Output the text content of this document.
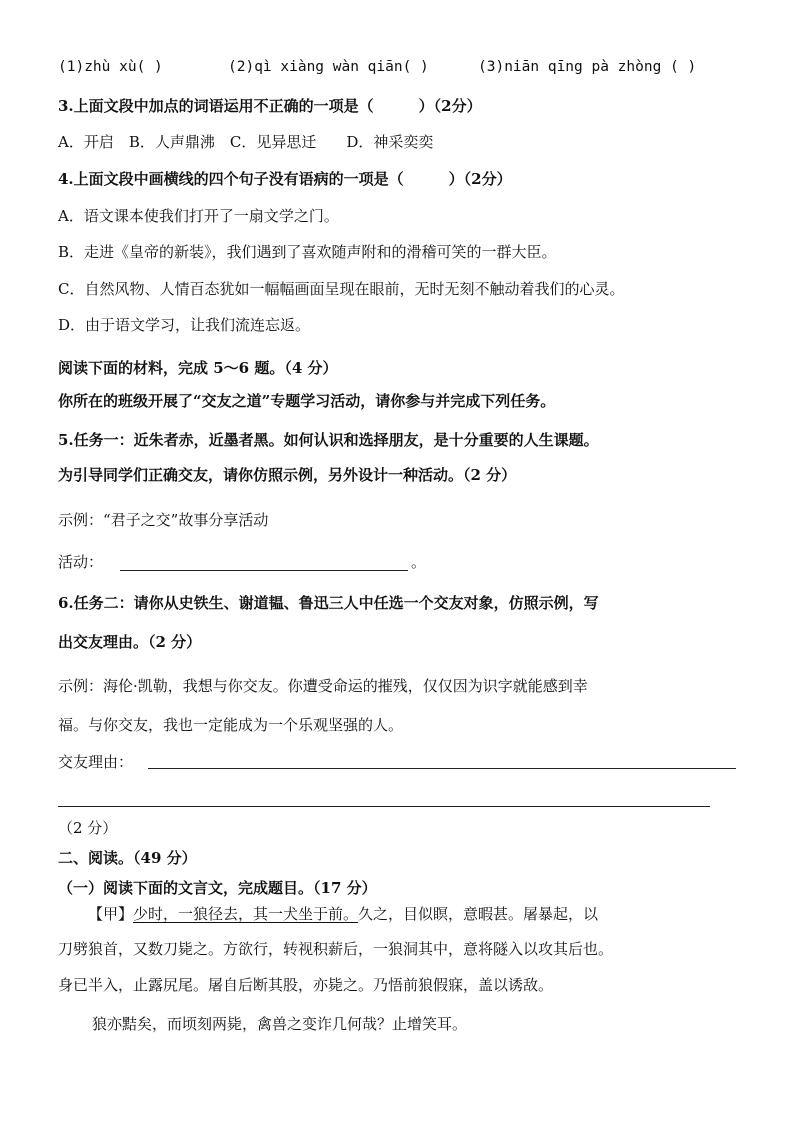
(1)zhù xù( )	(2)qì xiàng wàn qiān( )	(3)niān qīng pà zhòng ( )
3.上面文段中加点的词语运用不正确的一项是（　　　）（2分）
A．开启　B．人声鼎沸　C．见异思迁　　D．神采奕奕
4.上面文段中画横线的四个句子没有语病的一项是（　　　）（2分）
A．语文课本使我们打开了一扇文学之门。
B．走进《皇帝的新装》，我们遇到了喜欢随声附和的滑稽可笑的一群大臣。
C．自然风物、人情百态犹如一幅幅画面呈现在眼前，无时无刻不触动着我们的心灵。
D．由于语文学习，让我们流连忘返。
阅读下面的材料，完成 5～6 题。（4 分）
你所在的班级开展了“交友之道”专题学习活动，请你参与并完成下列任务。
5.任务一：近朱者赤，近墨者黑。如何认识和选择朋友，是十分重要的人生课题。
为引导同学们正确交友，请你仿照示例，另外设计一种活动。（2 分）
示例：“君子之交”故事分享活动
活动：	。
6.任务二：请你从史铁生、谢道韫、鲁迅三人中任选一个交友对象，仿照示例，写
出交友理由。（2 分）
示例：海伦·凯勒，我想与你交友。你遭受命运的摧残，仅仅因为识字就能感到幸
福。与你交友，我也一定能成为一个乐观坚强的人。
交友理由：
（2 分）
二、阅读。（49 分）
（一）阅读下面的文言文，完成题目。（17 分）
【甲】少时，一狼径去，其一犬坐于前。久之，目似瞑，意暇甚。屠暴起，以
刀劈狼首，又数刀毙之。方欲行，转视积薪后，一狼洞其中，意将隧入以攻其后也。
身已半入，止露尻尾。屠自后断其股，亦毙之。乃悟前狼假寐，盖以诱敌。
狼亦黠矣，而顷刻两毙，禽兽之变诈几何哉？止增笑耳。
